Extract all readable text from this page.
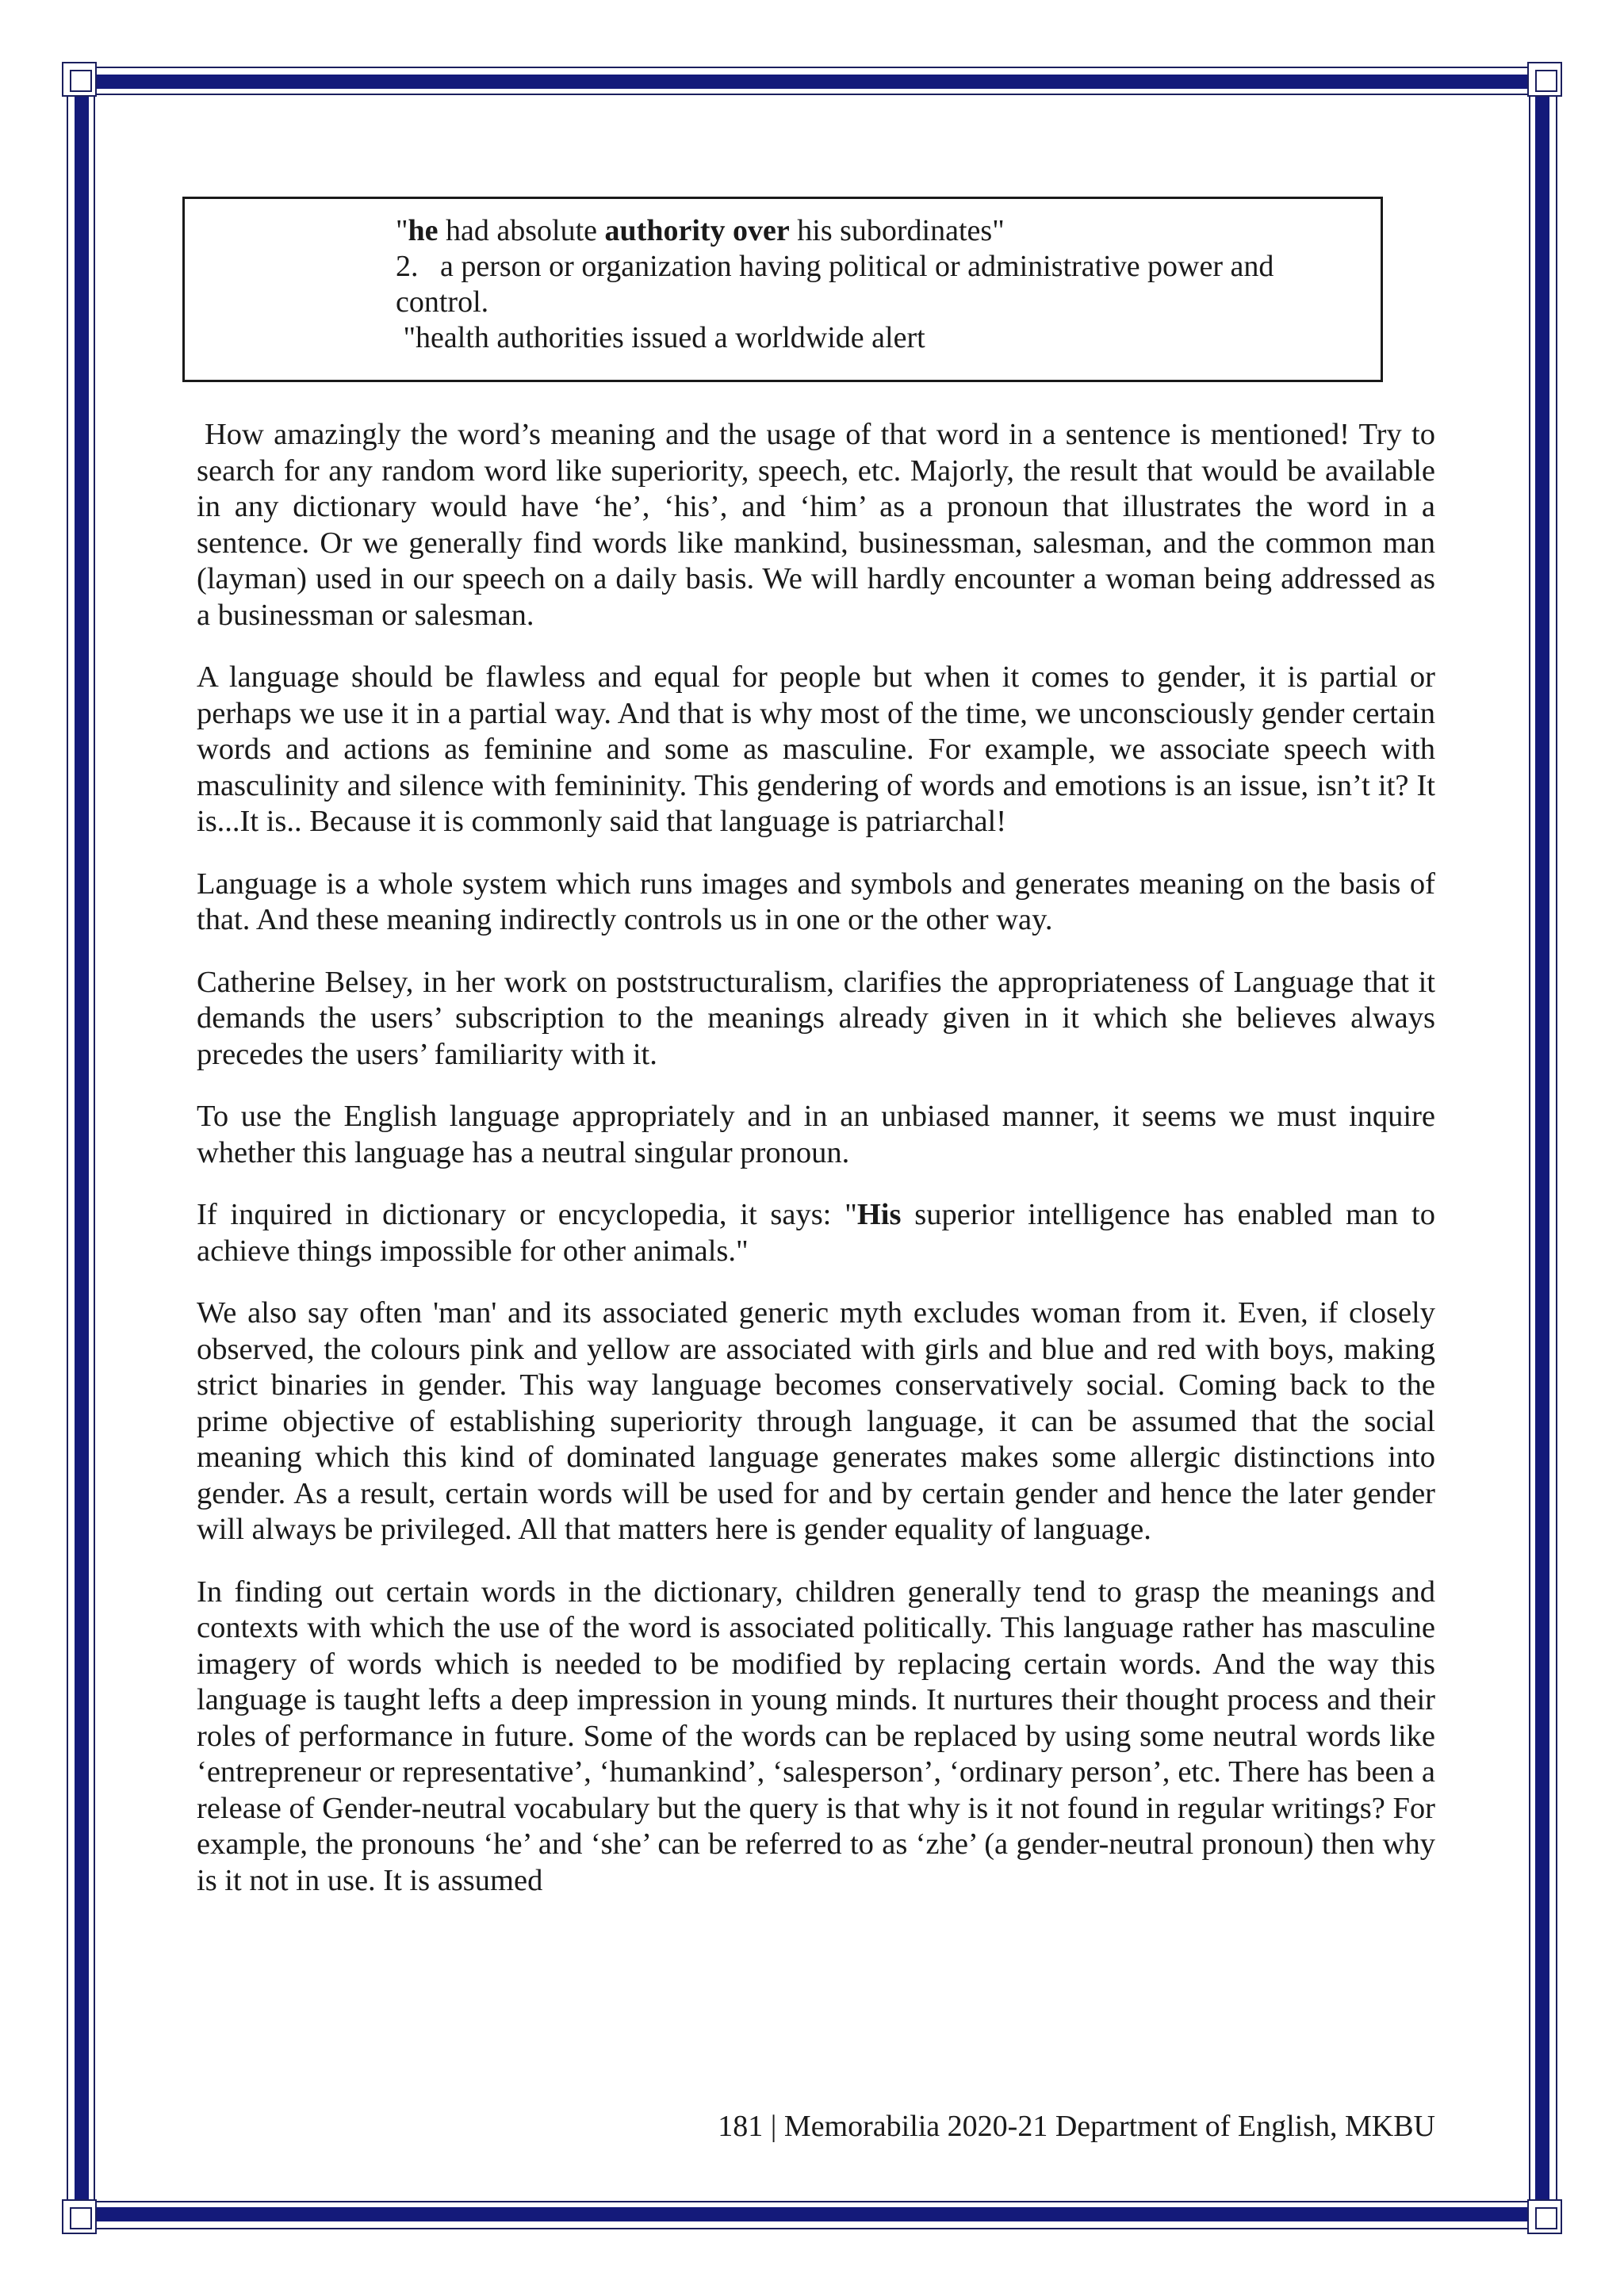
"he had absolute authority over his subordinates"
2. a person or organization having political or administrative power and
control.
"health authorities issued a worldwide alert

How amazingly the word’s meaning and the usage of that word in a sentence is mentioned! Try to search for any random word like superiority, speech, etc. Majorly, the result that would be available in any dictionary would have ‘he’, ‘his’, and ‘him’ as a pronoun that illustrates the word in a sentence. Or we generally find words like mankind, businessman, salesman, and the common man (layman) used in our speech on a daily basis. We will hardly encounter a woman being addressed as a businessman or salesman.

A language should be flawless and equal for people but when it comes to gender, it is partial or perhaps we use it in a partial way. And that is why most of the time, we unconsciously gender certain words and actions as feminine and some as masculine. For example, we associate speech with masculinity and silence with femininity. This gendering of words and emotions is an issue, isn’t it? It is...It is.. Because it is commonly said that language is patriarchal!

Language is a whole system which runs images and symbols and generates meaning on the basis of that. And these meaning indirectly controls us in one or the other way.

Catherine Belsey, in her work on poststructuralism, clarifies the appropriateness of Language that it demands the users’ subscription to the meanings already given in it which she believes always precedes the users’ familiarity with it.

To use the English language appropriately and in an unbiased manner, it seems we must inquire whether this language has a neutral singular pronoun.

If inquired in dictionary or encyclopedia, it says: "His superior intelligence has enabled man to achieve things impossible for other animals."

We also say often 'man' and its associated generic myth excludes woman from it. Even, if closely observed, the colours pink and yellow are associated with girls and blue and red with boys, making strict binaries in gender. This way language becomes conservatively social. Coming back to the prime objective of establishing superiority through language, it can be assumed that the social meaning which this kind of dominated language generates makes some allergic distinctions into gender. As a result, certain words will be used for and by certain gender and hence the later gender will always be privileged. All that matters here is gender equality of language.

In finding out certain words in the dictionary, children generally tend to grasp the meanings and contexts with which the use of the word is associated politically. This language rather has masculine imagery of words which is needed to be modified by replacing certain words. And the way this language is taught lefts a deep impression in young minds. It nurtures their thought process and their roles of performance in future. Some of the words can be replaced by using some neutral words like ‘entrepreneur or representative’, ‘humankind’, ‘salesperson’, ‘ordinary person’, etc. There has been a release of Gender-neutral vocabulary but the query is that why is it not found in regular writings? For example, the pronouns ‘he’ and ‘she’ can be referred to as ‘zhe’ (a gender-neutral pronoun) then why is it not in use. It is assumed

181 | Memorabilia 2020-21 Department of English, MKBU
